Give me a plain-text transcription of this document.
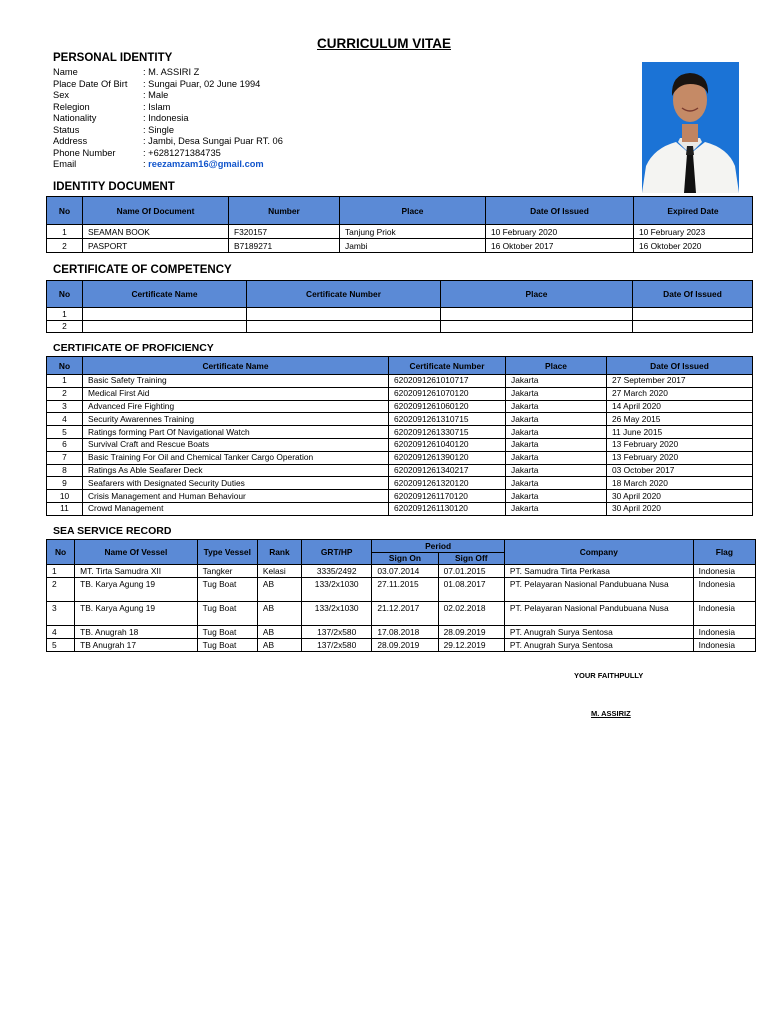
CURRICULUM VITAE
PERSONAL IDENTITY
Name	: M. ASSIRI Z
Place Date Of Birt	: Sungai Puar, 02 June 1994
Sex	: Male
Relegion	: Islam
Nationality	: Indonesia
Status	: Single
Address	: Jambi, Desa Sungai Puar RT. 06
Phone Number	: +6281271384735
Email	: reezamzam16@gmail.com
IDENTITY DOCUMENT
No	Name Of Document	Number	Place	Date Of Issued	Expired Date
1	SEAMAN BOOK	F320157	Tanjung Priok	10 February 2020	10 February 2023
2	PASPORT	B7189271	Jambi	16 Oktober 2017	16 Oktober 2020
CERTIFICATE OF COMPETENCY
No	Certificate Name	Certificate Number	Place	Date Of Issued
1				
2				
CERTIFICATE OF PROFICIENCY
No	Certificate Name	Certificate Number	Place	Date Of Issued
1	Basic Safety Training	6202091261010717	Jakarta	27 September 2017
2	Medical First Aid	6202091261070120	Jakarta	27 March 2020
3	Advanced Fire Fighting	6202091261060120	Jakarta	14 April 2020
4	Security Awarennes Training	6202091261310715	Jakarta	26 May 2015
5	Ratings forming Part Of Navigational Watch	6202091261330715	Jakarta	11 June 2015
6	Survival Craft and Rescue Boats	6202091261040120	Jakarta	13 February 2020
7	Basic Training For Oil and Chemical Tanker Cargo Operation	6202091261390120	Jakarta	13 February 2020
8	Ratings As Able Seafarer Deck	6202091261340217	Jakarta	03 October 2017
9	Seafarers with Designated Security Duties	6202091261320120	Jakarta	18 March 2020
10	Crisis Management and Human Behaviour	6202091261170120	Jakarta	30 April 2020
11	Crowd Management	6202091261130120	Jakarta	30 April 2020
SEA SERVICE RECORD
No	Name Of Vessel	Type Vessel	Rank	GRT/HP	Period		Company	Flag
					Sign On	Sign Off		
1	MT. Tirta Samudra XII	Tangker	Kelasi	3335/2492	03.07.2014	07.01.2015	PT. Samudra Tirta Perkasa	Indonesia
2	TB. Karya Agung 19	Tug Boat	AB	133/2x1030	27.11.2015	01.08.2017	PT. Pelayaran Nasional Pandubuana Nusa	Indonesia
3	TB. Karya Agung 19	Tug Boat	AB	133/2x1030	21.12.2017	02.02.2018	PT. Pelayaran Nasional Pandubuana Nusa	Indonesia
4	TB. Anugrah 18	Tug Boat	AB	137/2x580	17.08.2018	28.09.2019	PT. Anugrah Surya Sentosa	Indonesia
5	TB Anugrah 17	Tug Boat	AB	137/2x580	28.09.2019	29.12.2019	PT. Anugrah Surya Sentosa	Indonesia
YOUR FAITHPULLY
M. ASSIRIZ
